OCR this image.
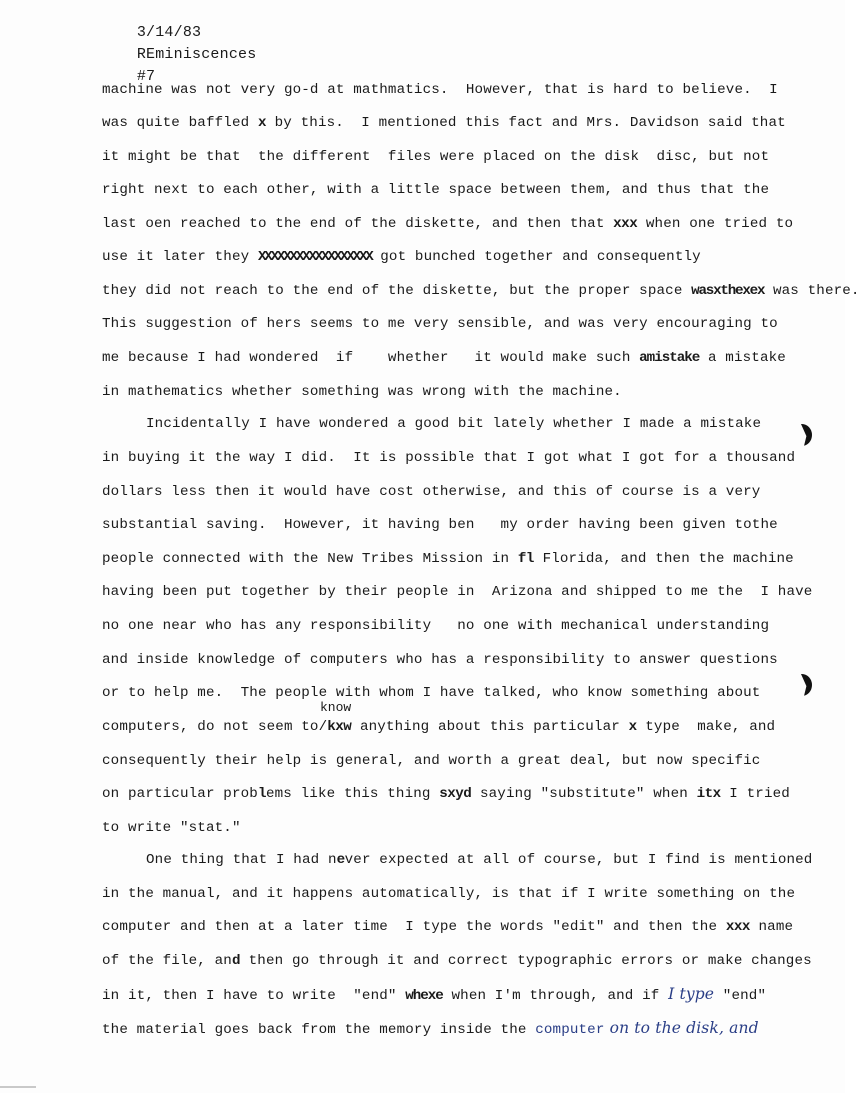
3/14/83
REminiscences
#7

machine was not very go-d at mathmatics.  However, that is hard to believe.  I
was quite baffled x by this.  I mentioned this fact and Mrs. Davidson said that
it might be that  the different  files were placed on the disk  disc, but not
right next to each other, with a little space between them, and thus that the
last oen reached to the end of the diskette, and then that xxx when one tried to
use it later they XXXXXXXXXXXXXXXXXX got bunched together and consequently
they did not reach to the end of the diskette, but the proper space wasxthexex was there.
This suggestion of hers seems to me very sensible, and was very encouraging to
me because I had wondered  if    whether   it would make such amistake a mistake
in mathematics whether something was wrong with the machine.
Incidentally I have wondered a good bit lately whether I made a mistake
in buying it the way I did.  It is possible that I got what I got for a thousand
dollars less then it would have cost otherwise, and this of course is a very
substantial saving.  However, it having ben   my order having been given tothe
people connected with the New Tribes Mission in fl Florida, and then the machine
having been put together by their people in  Arizona and shipped to me the  I have
no one near who has any responsibility   no one with mechanical understanding
and inside knowledge of computers who has a responsibility to answer questions
or to help me.  The people with whom I have talked, who know something about
know
computers, do not seem to/kxw anything about this particular x type  make, and
consequently their help is general, and worth a great deal, but now specific
on particular problems like this thing sxyd saying "substitute" when itx I tried
to write "stat."
One thing that I had never expected at all of course, but I find is mentioned
in the manual, and it happens automatically, is that if I write something on the
computer and then at a later time  I type the words "edit" and then the xxx name
of the file, and then go through it and correct typographic errors or make changes
in it, then I have to write  "end" whexe when I'm through, and if I type "end"
the material goes back from the memory inside the computer on to the disk, and
